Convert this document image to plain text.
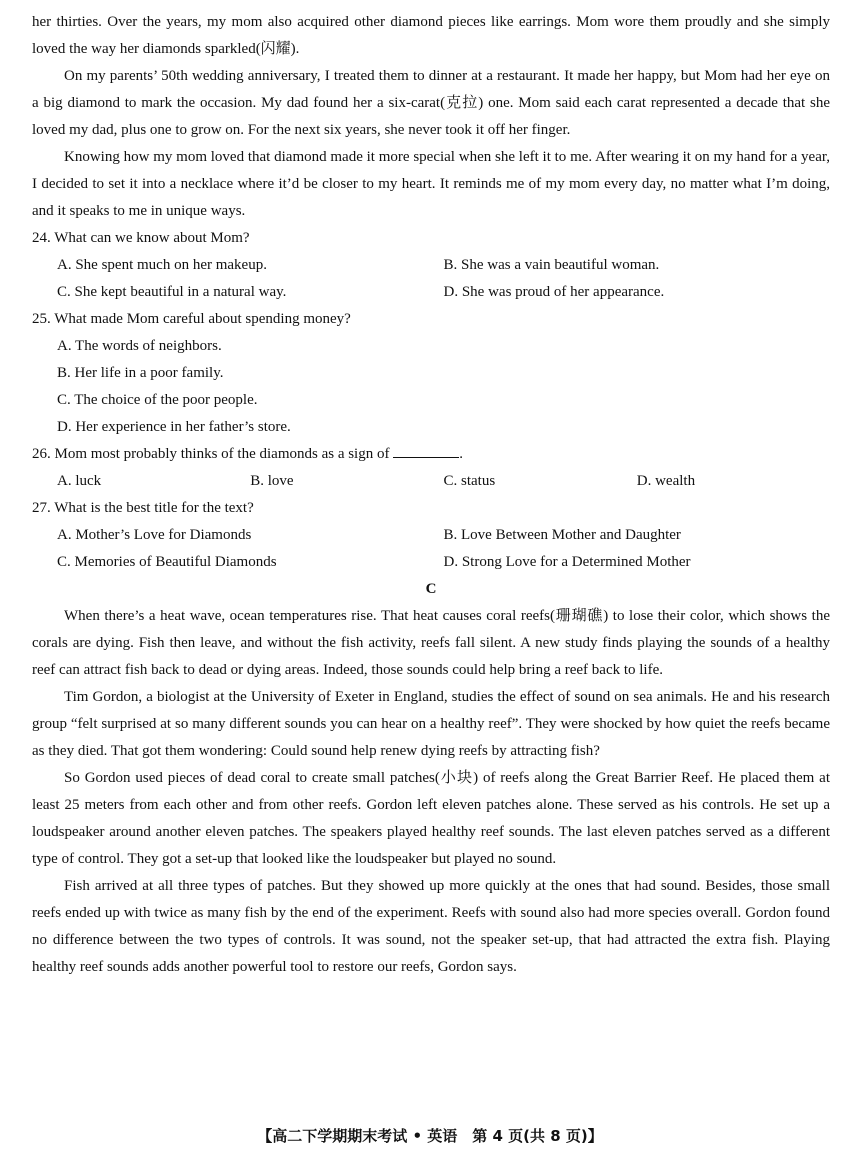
her thirties. Over the years, my mom also acquired other diamond pieces like earrings. Mom wore them proudly and she simply loved the way her diamonds sparkled(闪耀).

On my parents’ 50th wedding anniversary, I treated them to dinner at a restaurant. It made her happy, but Mom had her eye on a big diamond to mark the occasion. My dad found her a six-carat(克拉) one. Mom said each carat represented a decade that she loved my dad, plus one to grow on. For the next six years, she never took it off her finger.

Knowing how my mom loved that diamond made it more special when she left it to me. After wearing it on my hand for a year, I decided to set it into a necklace where it’d be closer to my heart. It reminds me of my mom every day, no matter what I’m doing, and it speaks to me in unique ways.

24. What can we know about Mom?
A. She spent much on her makeup.	B. She was a vain beautiful woman.
C. She kept beautiful in a natural way.	D. She was proud of her appearance.
25. What made Mom careful about spending money?
A. The words of neighbors.
B. Her life in a poor family.
C. The choice of the poor people.
D. Her experience in her father’s store.
26. Mom most probably thinks of the diamonds as a sign of	.
A. luck	B. love	C. status	D. wealth
27. What is the best title for the text?
A. Mother’s Love for Diamonds	B. Love Between Mother and Daughter
C. Memories of Beautiful Diamonds	D. Strong Love for a Determined Mother
C

When there’s a heat wave, ocean temperatures rise. That heat causes coral reefs(珊瑚礁) to lose their color, which shows the corals are dying. Fish then leave, and without the fish activity, reefs fall silent. A new study finds playing the sounds of a healthy reef can attract fish back to dead or dying areas. Indeed, those sounds could help bring a reef back to life.

Tim Gordon, a biologist at the University of Exeter in England, studies the effect of sound on sea animals. He and his research group “felt surprised at so many different sounds you can hear on a healthy reef”. They were shocked by how quiet the reefs became as they died. That got them wondering: Could sound help renew dying reefs by attracting fish?

So Gordon used pieces of dead coral to create small patches(小块) of reefs along the Great Barrier Reef. He placed them at least 25 meters from each other and from other reefs. Gordon left eleven patches alone. These served as his controls. He set up a loudspeaker around another eleven patches. The speakers played healthy reef sounds. The last eleven patches served as a different type of control. They got a set-up that looked like the loudspeaker but played no sound.

Fish arrived at all three types of patches. But they showed up more quickly at the ones that had sound. Besides, those small reefs ended up with twice as many fish by the end of the experiment. Reefs with sound also had more species overall. Gordon found no difference between the two types of controls. It was sound, not the speaker set-up, that had attracted the extra fish. Playing healthy reef sounds adds another powerful tool to restore our reefs, Gordon says.

【高二下学期期末考试 • 英语　第 4 页(共 8 页)】
